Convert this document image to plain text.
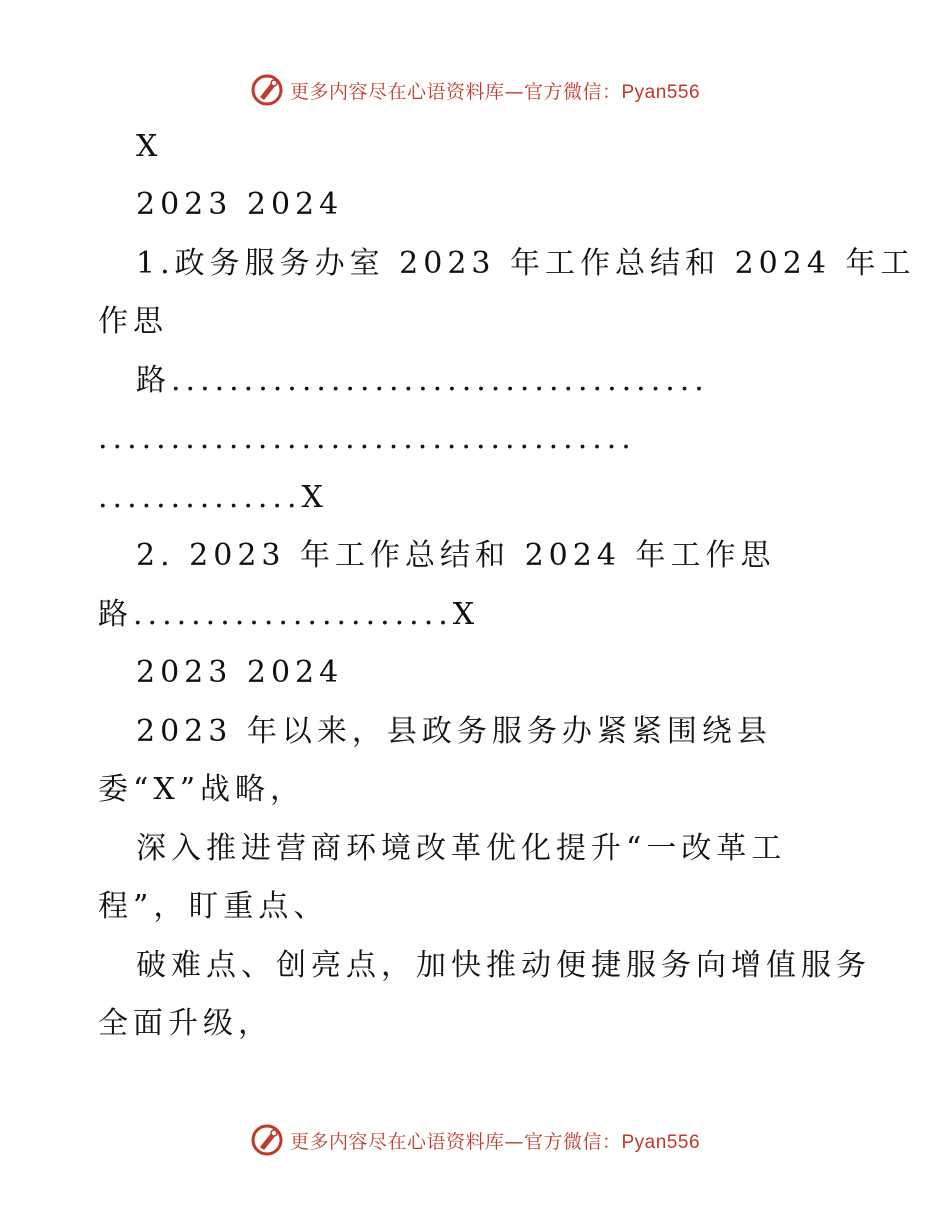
更多内容尽在心语资料库—官方微信：Pyan556
X
2023 2024
1.政务服务办室 2023 年工作总结和 2024 年工
作思
路.....................................
.....................................
..............X
2. 2023 年工作总结和 2024 年工作思
路......................X
2023 2024
2023 年以来，县政务服务办紧紧围绕县
委“X”战略，
深入推进营商环境改革优化提升“一改革工
程”，盯重点、
破难点、创亮点，加快推动便捷服务向增值服务
全面升级，
更多内容尽在心语资料库—官方微信：Pyan556
